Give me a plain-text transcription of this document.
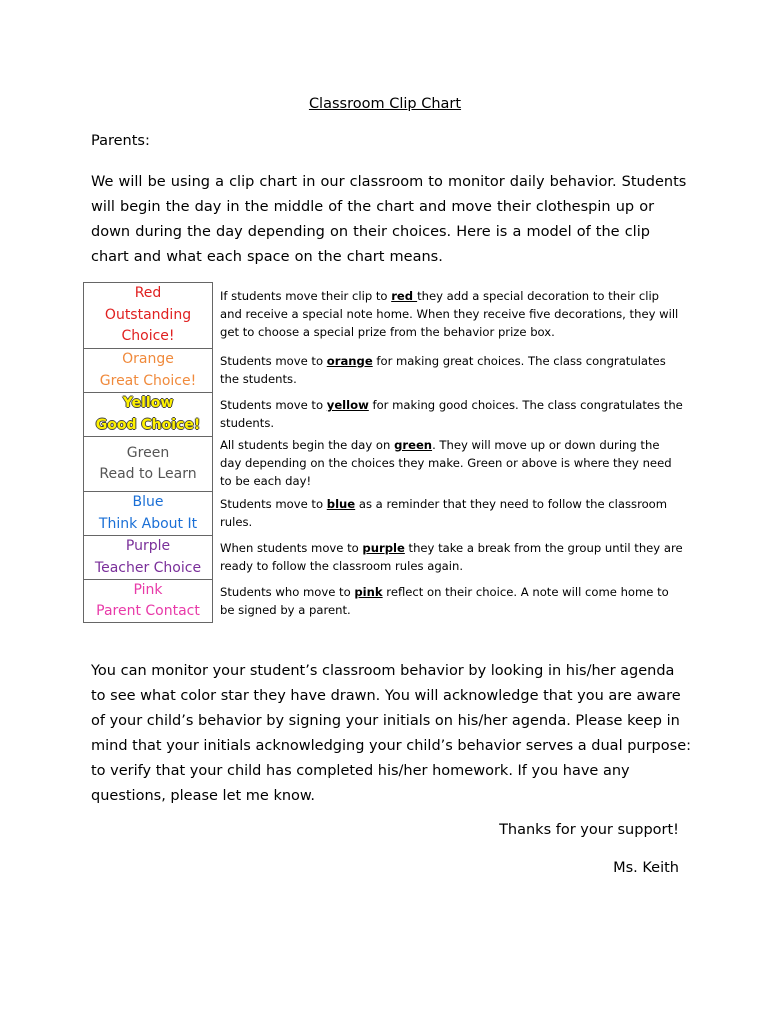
Classroom Clip Chart
Parents:
We will be using a clip chart in our classroom to monitor daily behavior. Students will begin the day in the middle of the chart and move their clothespin up or down during the day depending on their choices. Here is a model of the clip chart and what each space on the chart means.
Red
Outstanding
Choice!
If students move their clip to red they add a special decoration to their clip and receive a special note home. When they receive five decorations, they will get to choose a special prize from the behavior prize box.
Orange
Great Choice!
Students move to orange for making great choices. The class congratulates the students.
Yellow
Good Choice!
Students move to yellow for making good choices. The class congratulates the students.
Green
Read to Learn
All students begin the day on green. They will move up or down during the day depending on the choices they make. Green or above is where they need to be each day!
Blue
Think About It
Students move to blue as a reminder that they need to follow the classroom rules.
Purple
Teacher Choice
When students move to purple they take a break from the group until they are ready to follow the classroom rules again.
Pink
Parent Contact
Students who move to pink reflect on their choice. A note will come home to be signed by a parent.
You can monitor your student’s classroom behavior by looking in his/her agenda to see what color star they have drawn. You will acknowledge that you are aware of your child’s behavior by signing your initials on his/her agenda. Please keep in mind that your initials acknowledging your child’s behavior serves a dual purpose: to verify that your child has completed his/her homework. If you have any questions, please let me know.
Thanks for your support!
Ms. Keith
